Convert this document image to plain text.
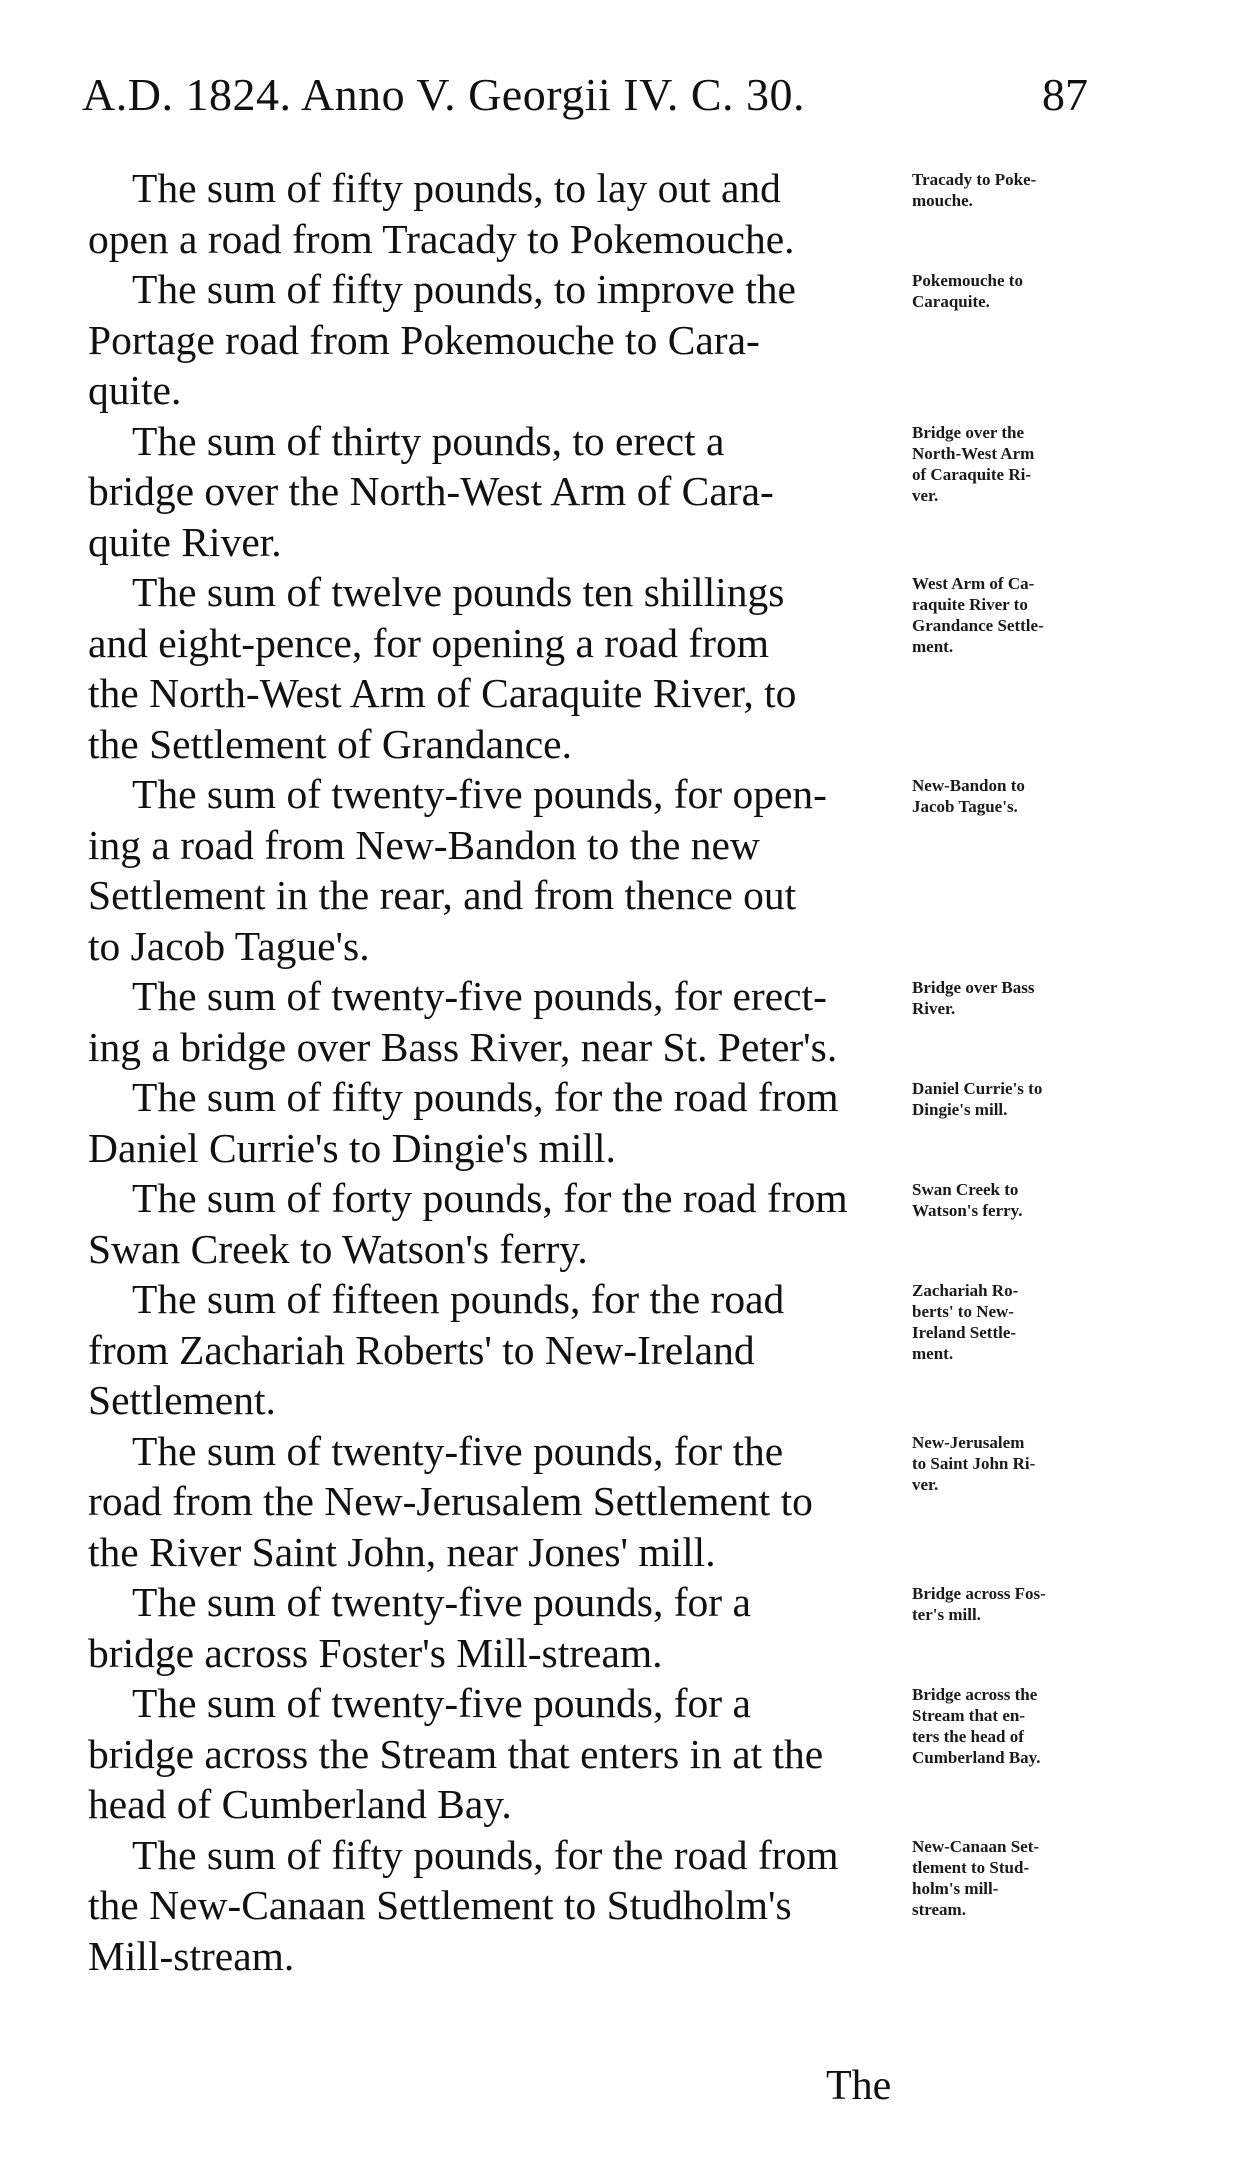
A.D. 1824. Anno V. Georgii IV. C. 30.	87
The sum of fifty pounds, to lay out and
open a road from Tracady to Pokemouche.
Tracady to Poke-
mouche.
The sum of fifty pounds, to improve the
Portage road from Pokemouche to Cara-
quite.
Pokemouche to
Caraquite.
The sum of thirty pounds, to erect a
bridge over the North-West Arm of Cara-
quite River.
Bridge over the
North-West Arm
of Caraquite Ri-
ver.
The sum of twelve pounds ten shillings
and eight-pence, for opening a road from
the North-West Arm of Caraquite River, to
the Settlement of Grandance.
West Arm of Ca-
raquite River to
Grandance Settle-
ment.
The sum of twenty-five pounds, for open-
ing a road from New-Bandon to the new
Settlement in the rear, and from thence out
to Jacob Tague's.
New-Bandon to
Jacob Tague's.
The sum of twenty-five pounds, for erect-
ing a bridge over Bass River, near St. Peter's.
Bridge over Bass
River.
The sum of fifty pounds, for the road from
Daniel Currie's to Dingie's mill.
Daniel Currie's to
Dingie's mill.
The sum of forty pounds, for the road from
Swan Creek to Watson's ferry.
Swan Creek to
Watson's ferry.
The sum of fifteen pounds, for the road
from Zachariah Roberts' to New-Ireland
Settlement.
Zachariah Ro-
berts' to New-
Ireland Settle-
ment.
The sum of twenty-five pounds, for the
road from the New-Jerusalem Settlement to
the River Saint John, near Jones' mill.
New-Jerusalem
to Saint John Ri-
ver.
The sum of twenty-five pounds, for a
bridge across Foster's Mill-stream.
Bridge across Fos-
ter's mill.
The sum of twenty-five pounds, for a
bridge across the Stream that enters in at the
head of Cumberland Bay.
Bridge across the
Stream that en-
ters the head of
Cumberland Bay.
The sum of fifty pounds, for the road from
the New-Canaan Settlement to Studholm's
Mill-stream.
New-Canaan Set-
tlement to Stud-
holm's mill-
stream.
The
